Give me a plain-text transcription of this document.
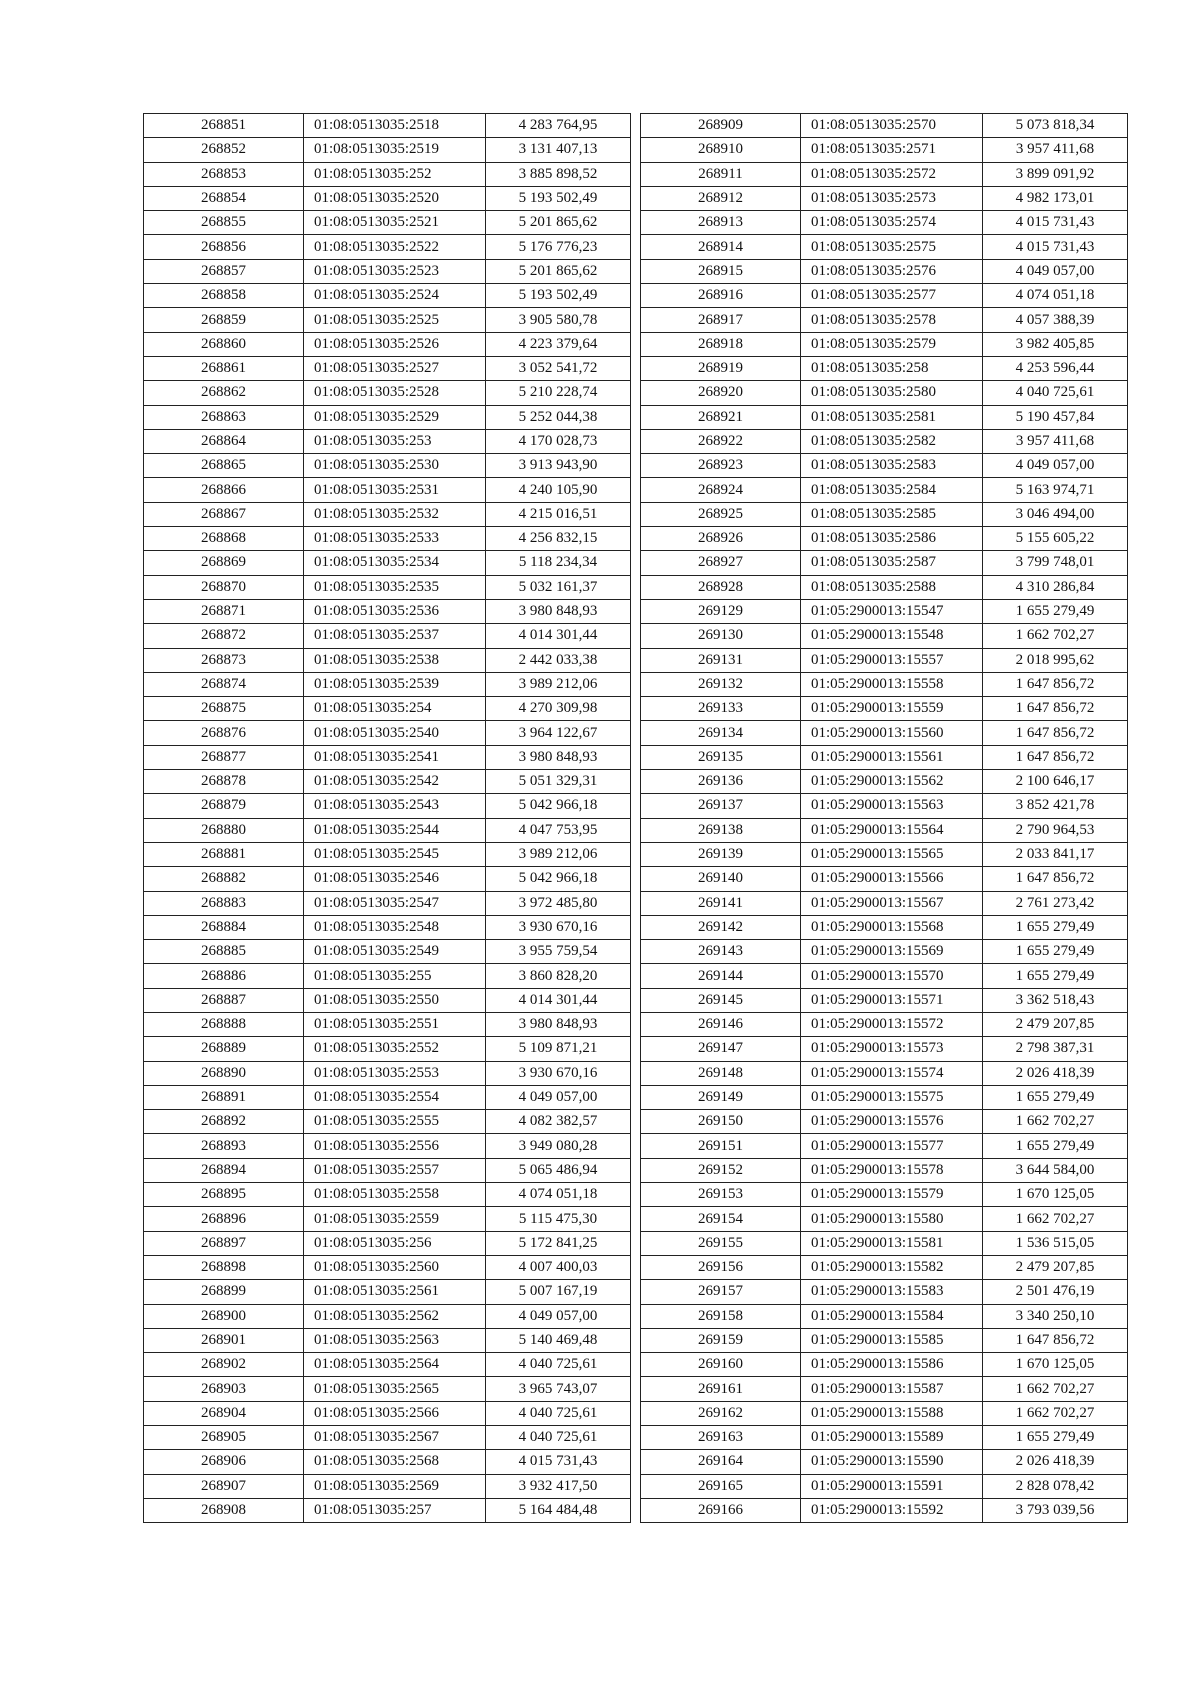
268851	01:08:0513035:2518	4 283 764,95
268852	01:08:0513035:2519	3 131 407,13
268853	01:08:0513035:252	3 885 898,52
268854	01:08:0513035:2520	5 193 502,49
268855	01:08:0513035:2521	5 201 865,62
268856	01:08:0513035:2522	5 176 776,23
268857	01:08:0513035:2523	5 201 865,62
268858	01:08:0513035:2524	5 193 502,49
268859	01:08:0513035:2525	3 905 580,78
268860	01:08:0513035:2526	4 223 379,64
268861	01:08:0513035:2527	3 052 541,72
268862	01:08:0513035:2528	5 210 228,74
268863	01:08:0513035:2529	5 252 044,38
268864	01:08:0513035:253	4 170 028,73
268865	01:08:0513035:2530	3 913 943,90
268866	01:08:0513035:2531	4 240 105,90
268867	01:08:0513035:2532	4 215 016,51
268868	01:08:0513035:2533	4 256 832,15
268869	01:08:0513035:2534	5 118 234,34
268870	01:08:0513035:2535	5 032 161,37
268871	01:08:0513035:2536	3 980 848,93
268872	01:08:0513035:2537	4 014 301,44
268873	01:08:0513035:2538	2 442 033,38
268874	01:08:0513035:2539	3 989 212,06
268875	01:08:0513035:254	4 270 309,98
268876	01:08:0513035:2540	3 964 122,67
268877	01:08:0513035:2541	3 980 848,93
268878	01:08:0513035:2542	5 051 329,31
268879	01:08:0513035:2543	5 042 966,18
268880	01:08:0513035:2544	4 047 753,95
268881	01:08:0513035:2545	3 989 212,06
268882	01:08:0513035:2546	5 042 966,18
268883	01:08:0513035:2547	3 972 485,80
268884	01:08:0513035:2548	3 930 670,16
268885	01:08:0513035:2549	3 955 759,54
268886	01:08:0513035:255	3 860 828,20
268887	01:08:0513035:2550	4 014 301,44
268888	01:08:0513035:2551	3 980 848,93
268889	01:08:0513035:2552	5 109 871,21
268890	01:08:0513035:2553	3 930 670,16
268891	01:08:0513035:2554	4 049 057,00
268892	01:08:0513035:2555	4 082 382,57
268893	01:08:0513035:2556	3 949 080,28
268894	01:08:0513035:2557	5 065 486,94
268895	01:08:0513035:2558	4 074 051,18
268896	01:08:0513035:2559	5 115 475,30
268897	01:08:0513035:256	5 172 841,25
268898	01:08:0513035:2560	4 007 400,03
268899	01:08:0513035:2561	5 007 167,19
268900	01:08:0513035:2562	4 049 057,00
268901	01:08:0513035:2563	5 140 469,48
268902	01:08:0513035:2564	4 040 725,61
268903	01:08:0513035:2565	3 965 743,07
268904	01:08:0513035:2566	4 040 725,61
268905	01:08:0513035:2567	4 040 725,61
268906	01:08:0513035:2568	4 015 731,43
268907	01:08:0513035:2569	3 932 417,50
268908	01:08:0513035:257	5 164 484,48
268909	01:08:0513035:2570	5 073 818,34
268910	01:08:0513035:2571	3 957 411,68
268911	01:08:0513035:2572	3 899 091,92
268912	01:08:0513035:2573	4 982 173,01
268913	01:08:0513035:2574	4 015 731,43
268914	01:08:0513035:2575	4 015 731,43
268915	01:08:0513035:2576	4 049 057,00
268916	01:08:0513035:2577	4 074 051,18
268917	01:08:0513035:2578	4 057 388,39
268918	01:08:0513035:2579	3 982 405,85
268919	01:08:0513035:258	4 253 596,44
268920	01:08:0513035:2580	4 040 725,61
268921	01:08:0513035:2581	5 190 457,84
268922	01:08:0513035:2582	3 957 411,68
268923	01:08:0513035:2583	4 049 057,00
268924	01:08:0513035:2584	5 163 974,71
268925	01:08:0513035:2585	3 046 494,00
268926	01:08:0513035:2586	5 155 605,22
268927	01:08:0513035:2587	3 799 748,01
268928	01:08:0513035:2588	4 310 286,84
269129	01:05:2900013:15547	1 655 279,49
269130	01:05:2900013:15548	1 662 702,27
269131	01:05:2900013:15557	2 018 995,62
269132	01:05:2900013:15558	1 647 856,72
269133	01:05:2900013:15559	1 647 856,72
269134	01:05:2900013:15560	1 647 856,72
269135	01:05:2900013:15561	1 647 856,72
269136	01:05:2900013:15562	2 100 646,17
269137	01:05:2900013:15563	3 852 421,78
269138	01:05:2900013:15564	2 790 964,53
269139	01:05:2900013:15565	2 033 841,17
269140	01:05:2900013:15566	1 647 856,72
269141	01:05:2900013:15567	2 761 273,42
269142	01:05:2900013:15568	1 655 279,49
269143	01:05:2900013:15569	1 655 279,49
269144	01:05:2900013:15570	1 655 279,49
269145	01:05:2900013:15571	3 362 518,43
269146	01:05:2900013:15572	2 479 207,85
269147	01:05:2900013:15573	2 798 387,31
269148	01:05:2900013:15574	2 026 418,39
269149	01:05:2900013:15575	1 655 279,49
269150	01:05:2900013:15576	1 662 702,27
269151	01:05:2900013:15577	1 655 279,49
269152	01:05:2900013:15578	3 644 584,00
269153	01:05:2900013:15579	1 670 125,05
269154	01:05:2900013:15580	1 662 702,27
269155	01:05:2900013:15581	1 536 515,05
269156	01:05:2900013:15582	2 479 207,85
269157	01:05:2900013:15583	2 501 476,19
269158	01:05:2900013:15584	3 340 250,10
269159	01:05:2900013:15585	1 647 856,72
269160	01:05:2900013:15586	1 670 125,05
269161	01:05:2900013:15587	1 662 702,27
269162	01:05:2900013:15588	1 662 702,27
269163	01:05:2900013:15589	1 655 279,49
269164	01:05:2900013:15590	2 026 418,39
269165	01:05:2900013:15591	2 828 078,42
269166	01:05:2900013:15592	3 793 039,56
